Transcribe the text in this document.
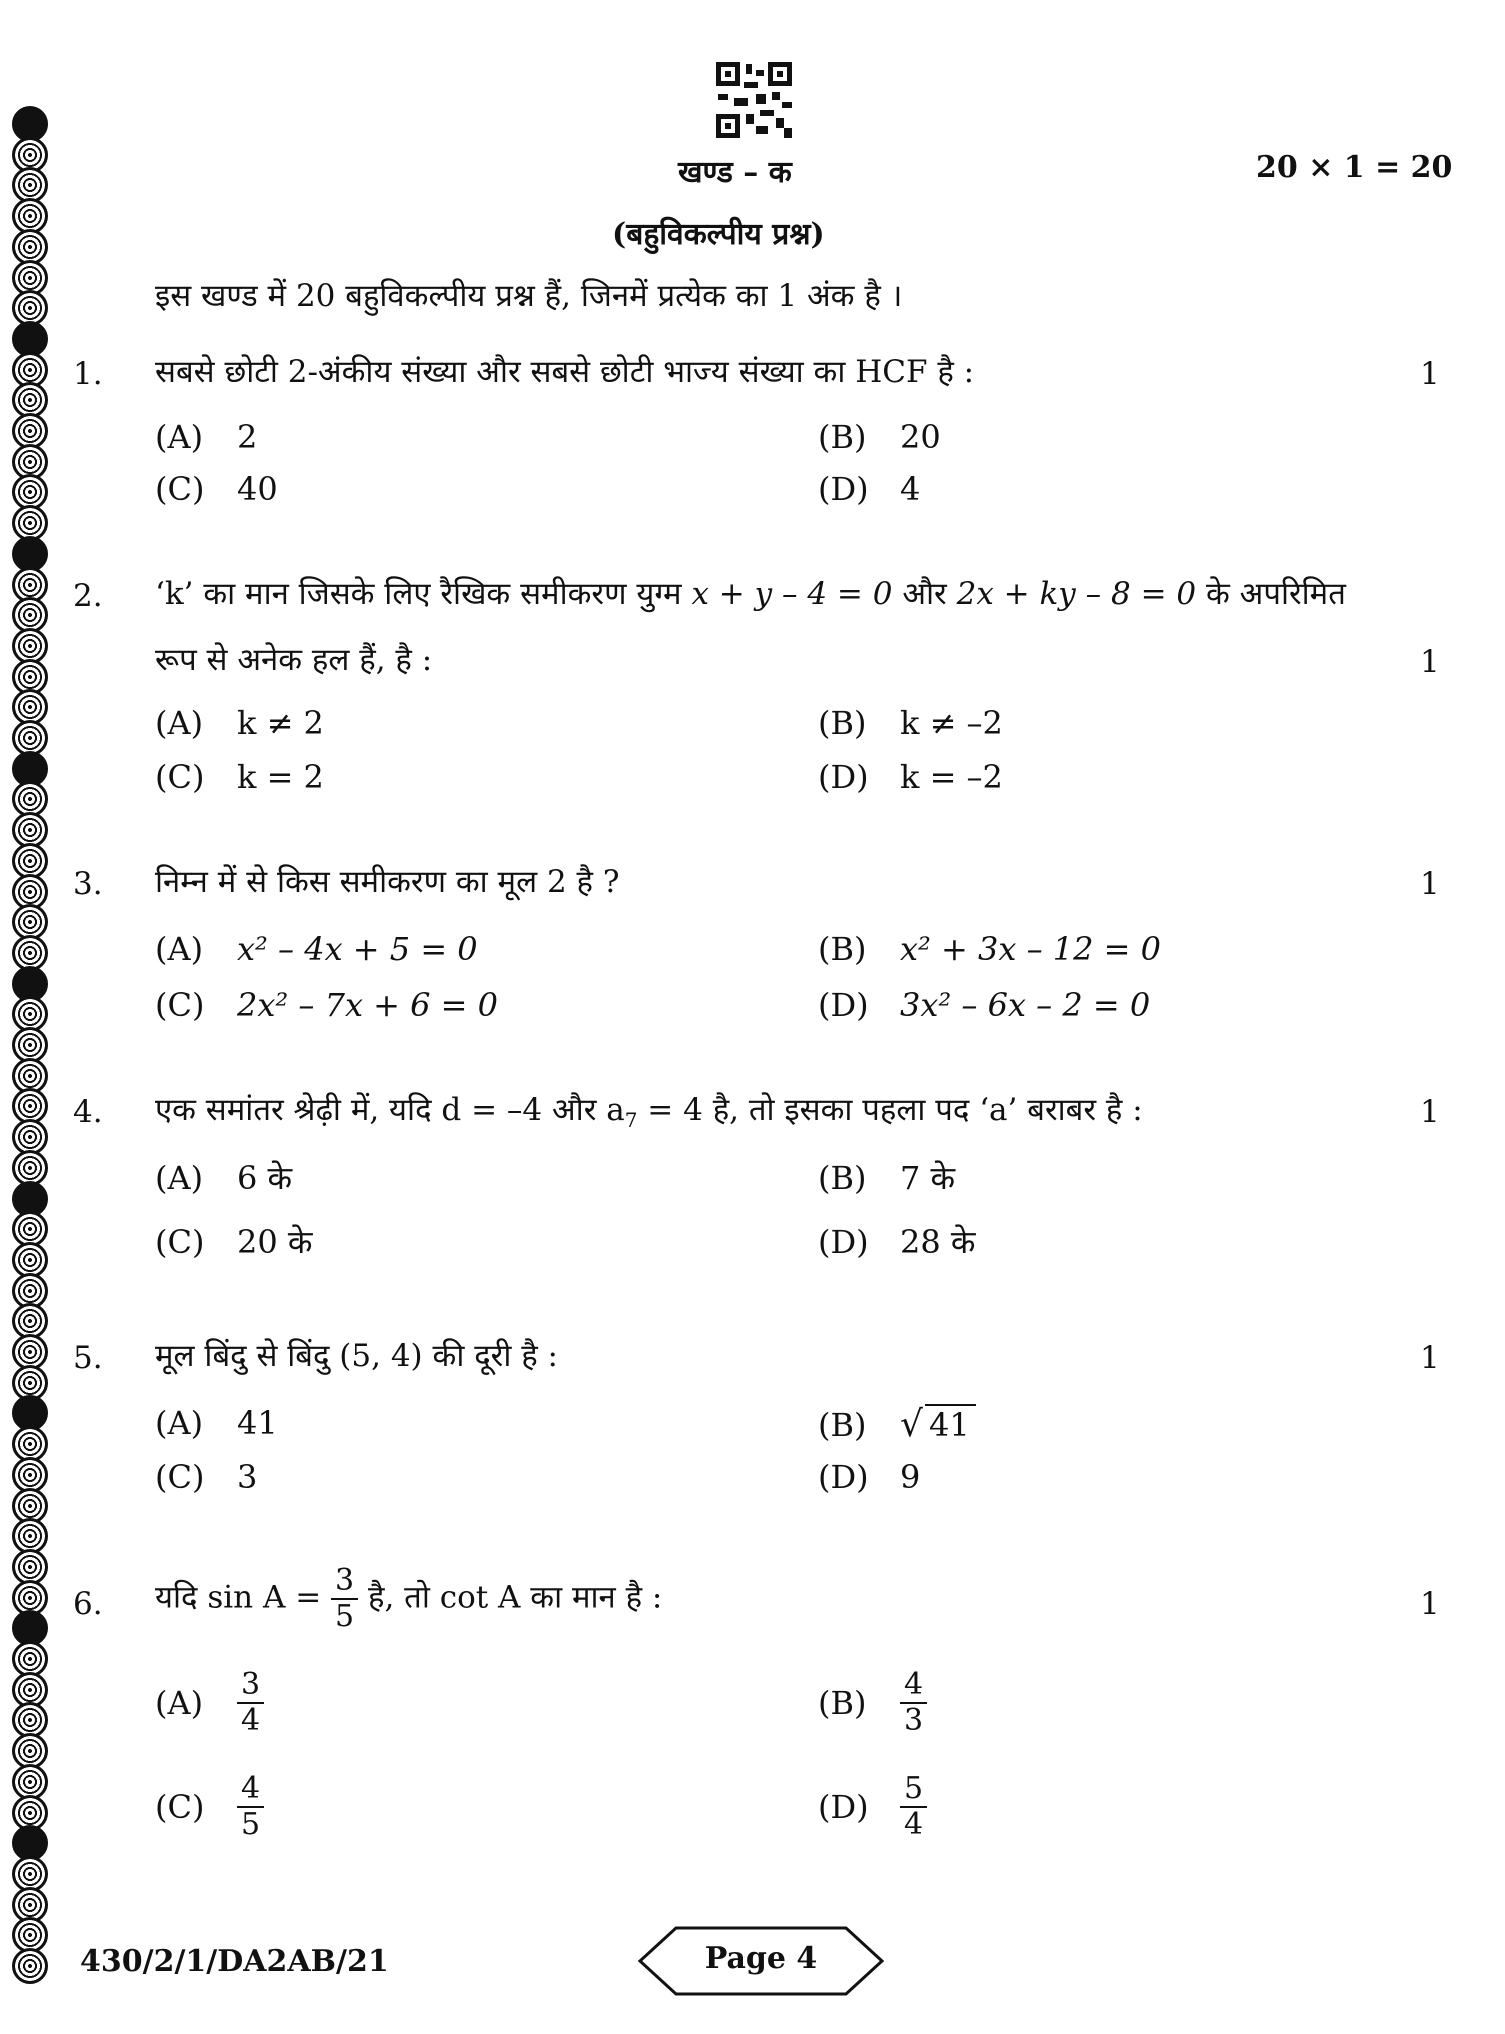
खण्ड – क	20 × 1 = 20
(बहुविकल्पीय प्रश्न)
इस खण्ड में 20 बहुविकल्पीय प्रश्न हैं, जिनमें प्रत्येक का 1 अंक है ।
1. सबसे छोटी 2-अंकीय संख्या और सबसे छोटी भाज्य संख्या का HCF है :	1
(A) 2	(B) 20
(C) 40	(D) 4
2. ‘k’ का मान जिसके लिए रैखिक समीकरण युग्म x + y – 4 = 0 और 2x + ky – 8 = 0 के अपरिमित
रूप से अनेक हल हैं, है :	1
(A) k ≠ 2	(B) k ≠ –2
(C) k = 2	(D) k = –2
3. निम्न में से किस समीकरण का मूल 2 है ?	1
(A) x² – 4x + 5 = 0	(B) x² + 3x – 12 = 0
(C) 2x² – 7x + 6 = 0	(D) 3x² – 6x – 2 = 0
4. एक समांतर श्रेढ़ी में, यदि d = –4 और $a_7 = 4$ है, तो इसका पहला पद ‘a’ बराबर है :	1
(A) 6 के	(B) 7 के
(C) 20 के	(D) 28 के
5. मूल बिंदु से बिंदु (5, 4) की दूरी है :	1
(A) 41	(B) √ 41
(C) 3	(D) 9
6. यदि $\sin A = \frac{3}{5}$ है, तो cot A का मान है :	1
$(A) \frac{3}{4}$	$(B) \frac{4}{3}$
$(C) \frac{4}{5}$	$(D) \frac{5}{4}$
430/2/1/DA2AB/21	Page 4
